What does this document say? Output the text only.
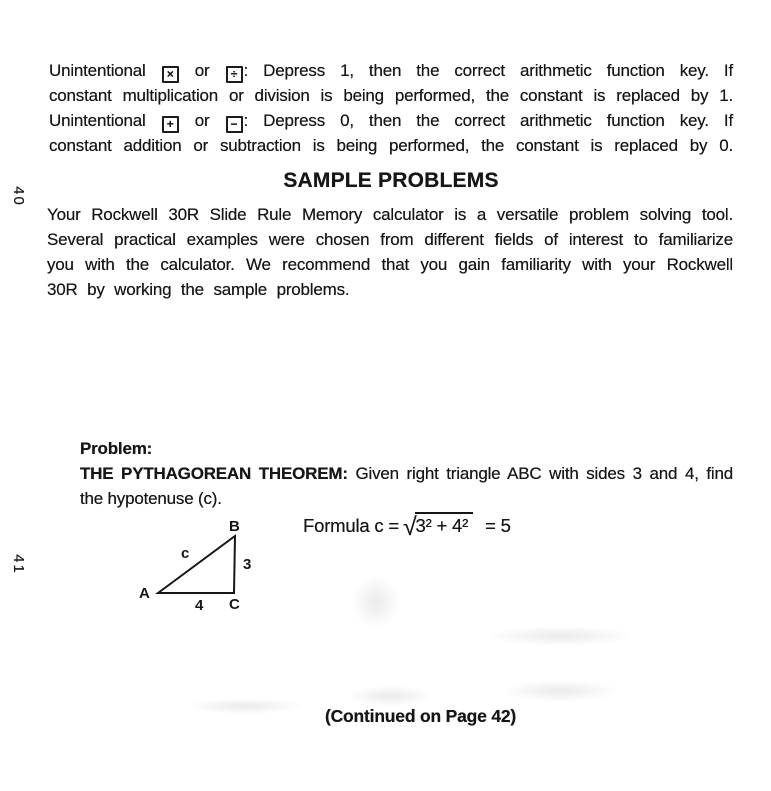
Unintentional × or ÷ : Depress 1, then the correct arithmetic function key. If
constant multiplication or division is being performed, the constant is replaced by 1.
Unintentional + or − : Depress 0, then the correct arithmetic function key. If
constant addition or subtraction is being performed, the constant is replaced by 0.
SAMPLE PROBLEMS
40
Your Rockwell 30R Slide Rule Memory calculator is a versatile problem solving tool.
Several practical examples were chosen from different fields of interest to familiarize
you with the calculator. We recommend that you gain familiarity with your Rockwell
30R by working the sample problems.
Problem:
THE PYTHAGOREAN THEOREM: Given right triangle ABC with sides 3 and 4, find
the hypotenuse (c).
A
B
C
c
3
4
Formula c = √3² + 4² = 5
41
(Continued on Page 42)
